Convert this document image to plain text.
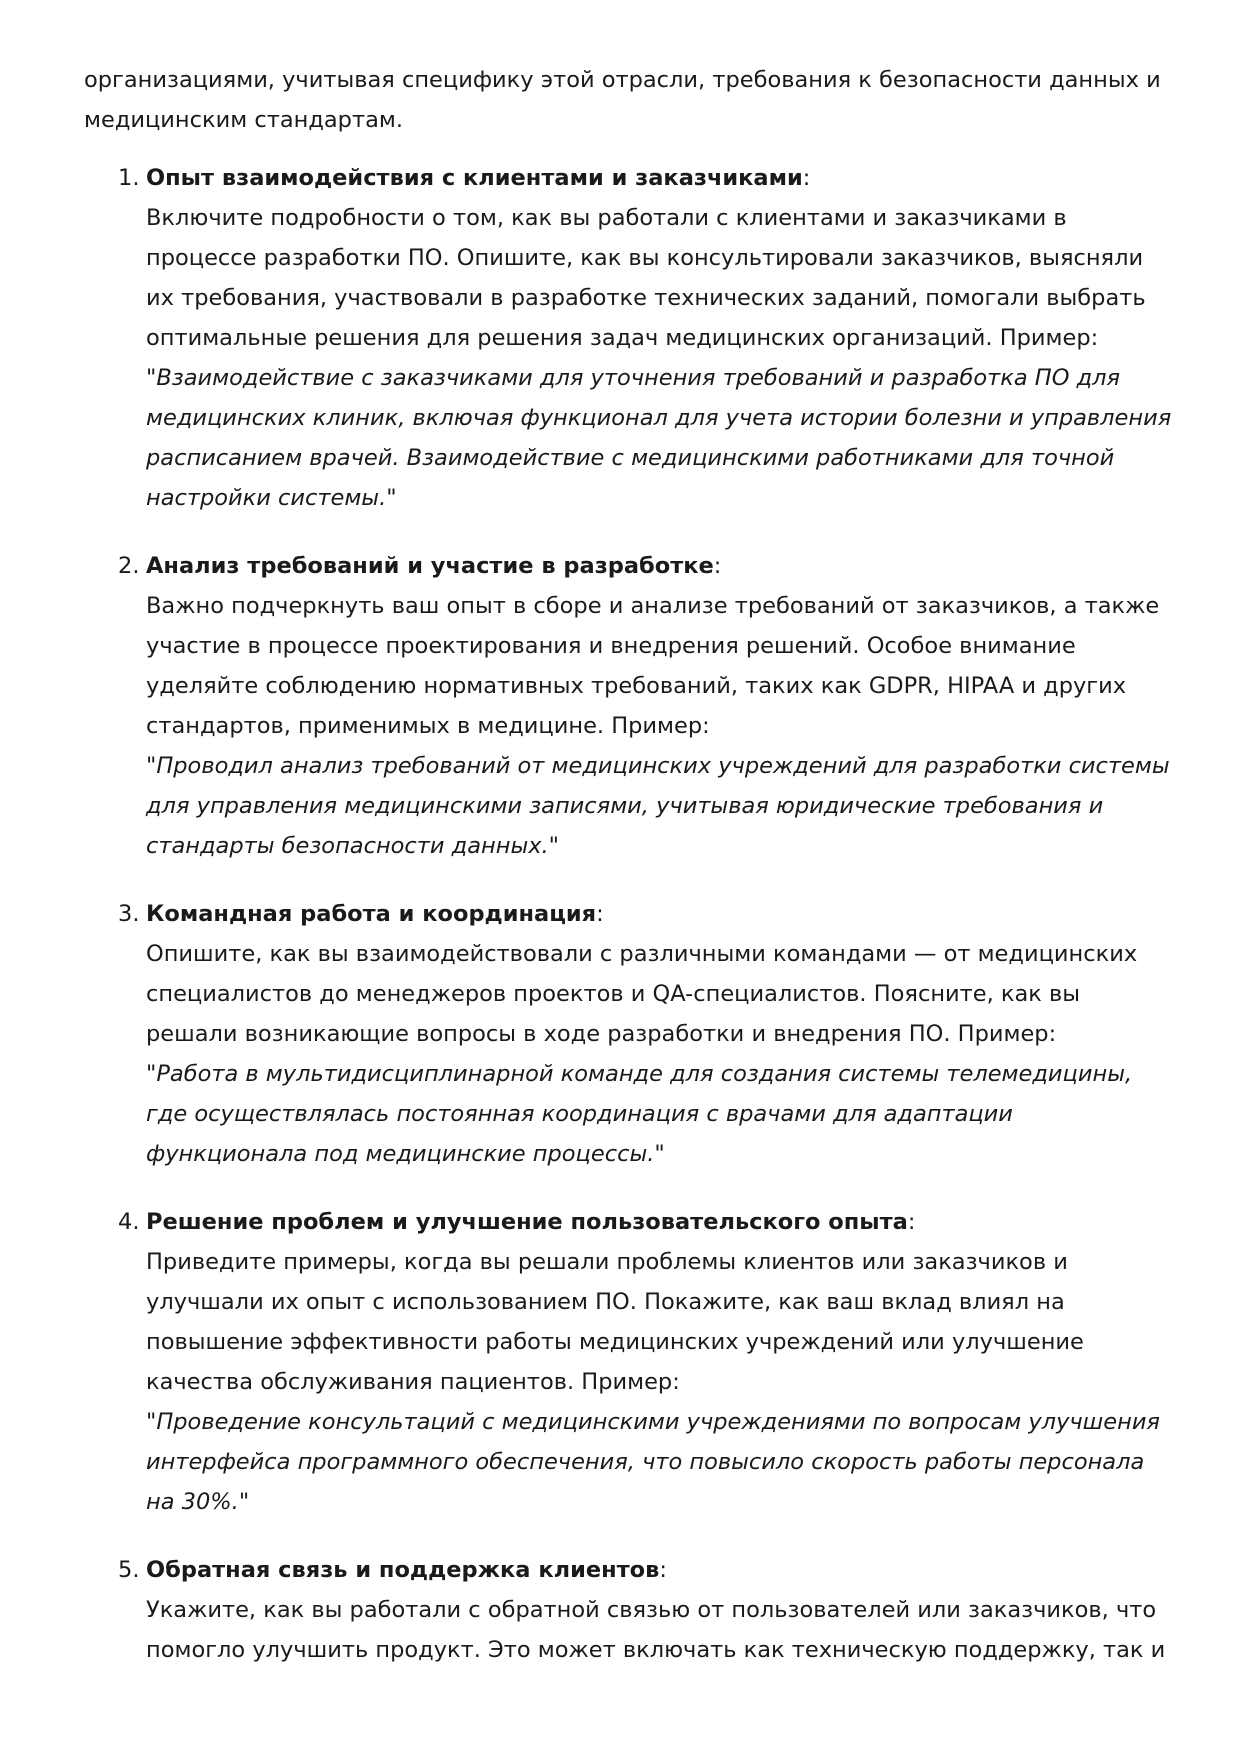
организациями, учитывая специфику этой отрасли, требования к безопасности данных и медицинским стандартам.

1. Опыт взаимодействия с клиентами и заказчиками:

Включите подробности о том, как вы работали с клиентами и заказчиками в процессе разработки ПО. Опишите, как вы консультировали заказчиков, выясняли их требования, участвовали в разработке технических заданий, помогали выбрать оптимальные решения для решения задач медицинских организаций. Пример:

"Взаимодействие с заказчиками для уточнения требований и разработка ПО для медицинских клиник, включая функционал для учета истории болезни и управления расписанием врачей. Взаимодействие с медицинскими работниками для точной настройки системы."

2. Анализ требований и участие в разработке:

Важно подчеркнуть ваш опыт в сборе и анализе требований от заказчиков, а также участие в процессе проектирования и внедрения решений. Особое внимание уделяйте соблюдению нормативных требований, таких как GDPR, HIPAA и других стандартов, применимых в медицине. Пример:

"Проводил анализ требований от медицинских учреждений для разработки системы для управления медицинскими записями, учитывая юридические требования и стандарты безопасности данных."

3. Командная работа и координация:

Опишите, как вы взаимодействовали с различными командами — от медицинских специалистов до менеджеров проектов и QA-специалистов. Поясните, как вы решали возникающие вопросы в ходе разработки и внедрения ПО. Пример:

"Работа в мультидисциплинарной команде для создания системы телемедицины, где осуществлялась постоянная координация с врачами для адаптации функционала под медицинские процессы."

4. Решение проблем и улучшение пользовательского опыта:

Приведите примеры, когда вы решали проблемы клиентов или заказчиков и улучшали их опыт с использованием ПО. Покажите, как ваш вклад влиял на повышение эффективности работы медицинских учреждений или улучшение качества обслуживания пациентов. Пример:

"Проведение консультаций с медицинскими учреждениями по вопросам улучшения интерфейса программного обеспечения, что повысило скорость работы персонала на 30%."

5. Обратная связь и поддержка клиентов:

Укажите, как вы работали с обратной связью от пользователей или заказчиков, что помогло улучшить продукт. Это может включать как техническую поддержку, так и
